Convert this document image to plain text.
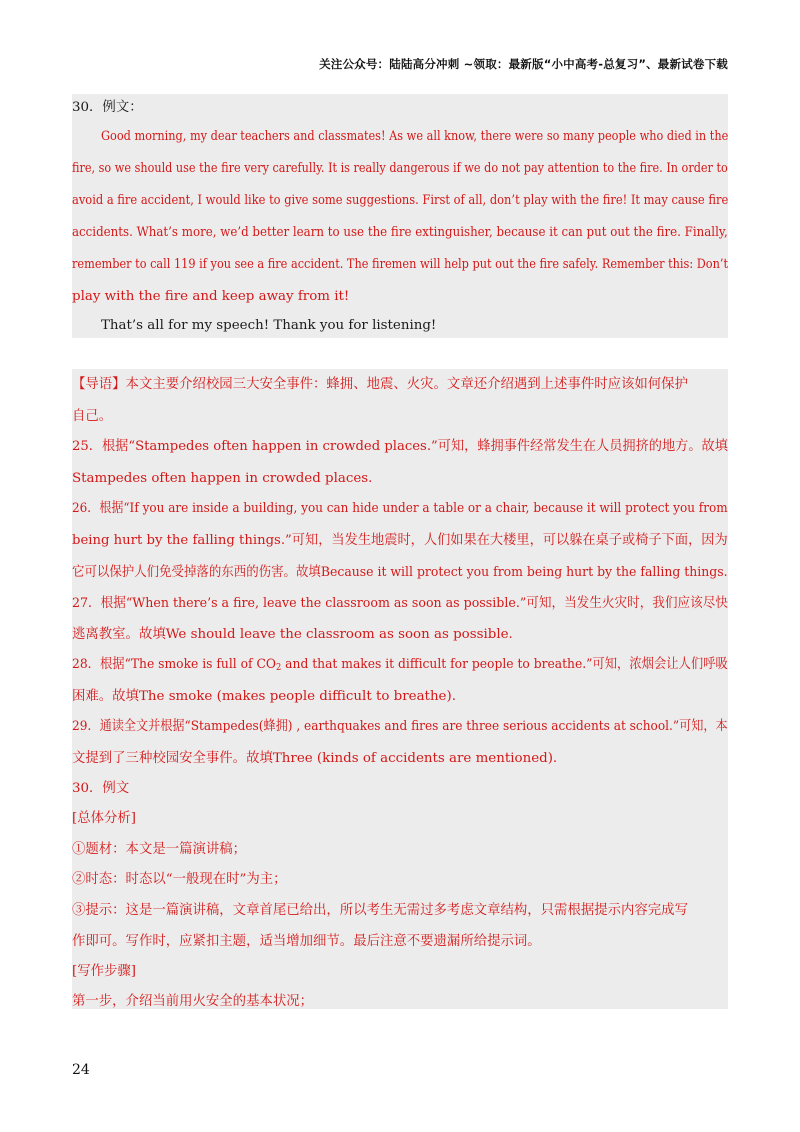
关注公众号：陆陆高分冲刺 ~领取：最新版“小中高考-总复习”、最新试卷下载
30．例文：
Good morning, my dear teachers and classmates! As we all know, there were so many people who died in the
fire, so we should use the fire very carefully. It is really dangerous if we do not pay attention to the fire. In order to
avoid a fire accident, I would like to give some suggestions. First of all, don’t play with the fire! It may cause fire
accidents. What’s more, we’d better learn to use the fire extinguisher, because it can put out the fire. Finally,
remember to call 119 if you see a fire accident. The firemen will help put out the fire safely. Remember this: Don’t
play with the fire and keep away from it!
That’s all for my speech! Thank you for listening!
【导语】本文主要介绍校园三大安全事件：蜂拥、地震、火灾。文章还介绍遇到上述事件时应该如何保护
自己。
25．根据“Stampedes often happen in crowded places.”可知，蜂拥事件经常发生在人员拥挤的地方。故填
Stampedes often happen in crowded places.
26．根据“If you are inside a building, you can hide under a table or a chair, because it will protect you from
being hurt by the falling things.”可知，当发生地震时，人们如果在大楼里，可以躲在桌子或椅子下面，因为
它可以保护人们免受掉落的东西的伤害。故填Because it will protect you from being hurt by the falling things.
27．根据“When there’s a fire, leave the classroom as soon as possible.”可知，当发生火灾时，我们应该尽快
逃离教室。故填We should leave the classroom as soon as possible.
28．根据“The smoke is full of $CO_2$ and that makes it difficult for people to breathe.”可知，浓烟会让人们呼吸
困难。故填The smoke (makes people difficult to breathe).
29．通读全文并根据“Stampedes(蜂拥) , earthquakes and fires are three serious accidents at school.”可知，本
文提到了三种校园安全事件。故填Three (kinds of accidents are mentioned).
30．例文
[总体分析]
①题材：本文是一篇演讲稿；
②时态：时态以“一般现在时”为主；
③提示：这是一篇演讲稿，文章首尾已给出，所以考生无需过多考虑文章结构，只需根据提示内容完成写
作即可。写作时，应紧扣主题，适当增加细节。最后注意不要遗漏所给提示词。
[写作步骤]
第一步，介绍当前用火安全的基本状况；
24
